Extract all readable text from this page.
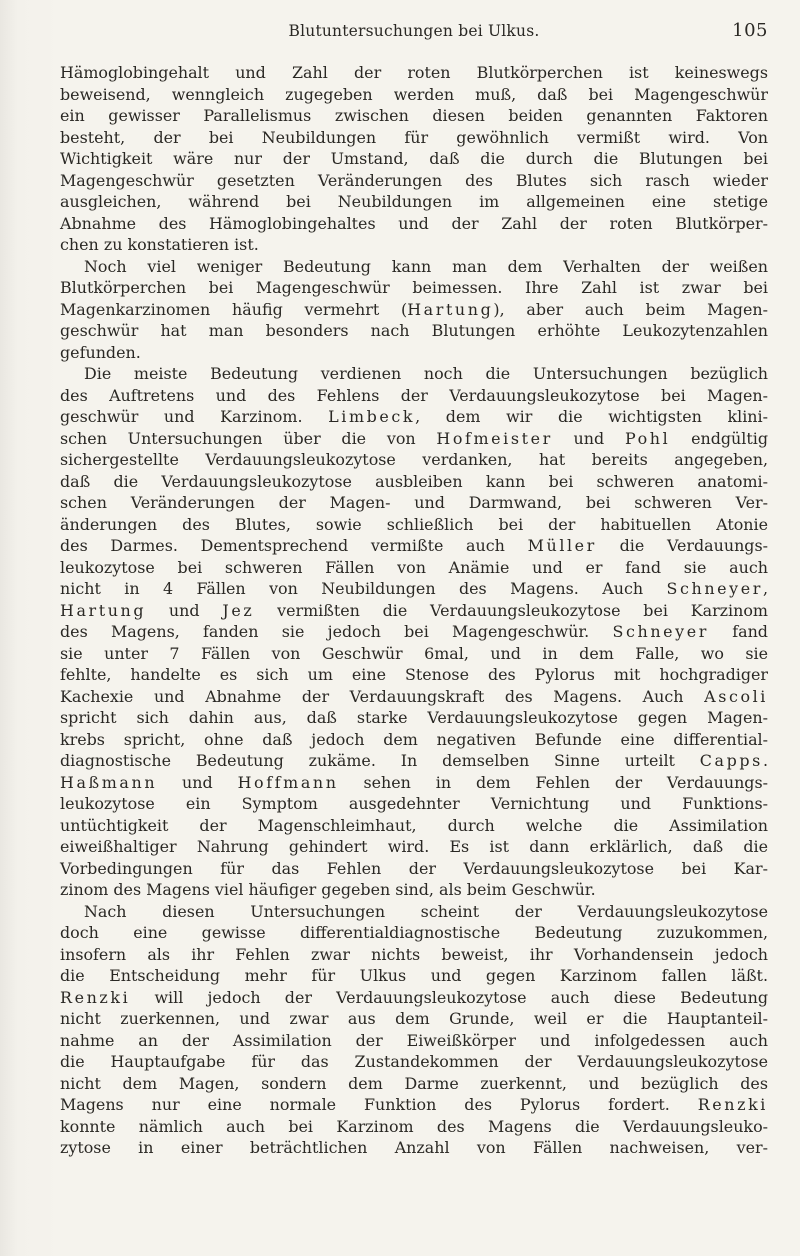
Blutuntersuchungen bei Ulkus.	105
Hämoglobingehalt und Zahl der roten Blutkörperchen ist keineswegs
beweisend, wenngleich zugegeben werden muß, daß bei Magengeschwür
ein gewisser Parallelismus zwischen diesen beiden genannten Faktoren
besteht, der bei Neubildungen für gewöhnlich vermißt wird. Von
Wichtigkeit wäre nur der Umstand, daß die durch die Blutungen bei
Magengeschwür gesetzten Veränderungen des Blutes sich rasch wieder
ausgleichen, während bei Neubildungen im allgemeinen eine stetige
Abnahme des Hämoglobingehaltes und der Zahl der roten Blutkörper-
chen zu konstatieren ist.
Noch viel weniger Bedeutung kann man dem Verhalten der weißen
Blutkörperchen bei Magengeschwür beimessen. Ihre Zahl ist zwar bei
Magenkarzinomen häufig vermehrt (Hartung), aber auch beim Magen-
geschwür hat man besonders nach Blutungen erhöhte Leukozytenzahlen
gefunden.
Die meiste Bedeutung verdienen noch die Untersuchungen bezüglich
des Auftretens und des Fehlens der Verdauungsleukozytose bei Magen-
geschwür und Karzinom. Limbeck, dem wir die wichtigsten klini-
schen Untersuchungen über die von Hofmeister und Pohl endgültig
sichergestellte Verdauungsleukozytose verdanken, hat bereits angegeben,
daß die Verdauungsleukozytose ausbleiben kann bei schweren anatomi-
schen Veränderungen der Magen- und Darmwand, bei schweren Ver-
änderungen des Blutes, sowie schließlich bei der habituellen Atonie
des Darmes. Dementsprechend vermißte auch Müller die Verdauungs-
leukozytose bei schweren Fällen von Anämie und er fand sie auch
nicht in 4 Fällen von Neubildungen des Magens. Auch Schneyer,
Hartung und Jez vermißten die Verdauungsleukozytose bei Karzinom
des Magens, fanden sie jedoch bei Magengeschwür. Schneyer fand
sie unter 7 Fällen von Geschwür 6mal, und in dem Falle, wo sie
fehlte, handelte es sich um eine Stenose des Pylorus mit hochgradiger
Kachexie und Abnahme der Verdauungskraft des Magens. Auch Ascoli
spricht sich dahin aus, daß starke Verdauungsleukozytose gegen Magen-
krebs spricht, ohne daß jedoch dem negativen Befunde eine differential-
diagnostische Bedeutung zukäme. In demselben Sinne urteilt Capps.
Haßmann und Hoffmann sehen in dem Fehlen der Verdauungs-
leukozytose ein Symptom ausgedehnter Vernichtung und Funktions-
untüchtigkeit der Magenschleimhaut, durch welche die Assimilation
eiweißhaltiger Nahrung gehindert wird. Es ist dann erklärlich, daß die
Vorbedingungen für das Fehlen der Verdauungsleukozytose bei Kar-
zinom des Magens viel häufiger gegeben sind, als beim Geschwür.
Nach diesen Untersuchungen scheint der Verdauungsleukozytose
doch eine gewisse differentialdiagnostische Bedeutung zuzukommen,
insofern als ihr Fehlen zwar nichts beweist, ihr Vorhandensein jedoch
die Entscheidung mehr für Ulkus und gegen Karzinom fallen läßt.
Renzki will jedoch der Verdauungsleukozytose auch diese Bedeutung
nicht zuerkennen, und zwar aus dem Grunde, weil er die Hauptanteil-
nahme an der Assimilation der Eiweißkörper und infolgedessen auch
die Hauptaufgabe für das Zustandekommen der Verdauungsleukozytose
nicht dem Magen, sondern dem Darme zuerkennt, und bezüglich des
Magens nur eine normale Funktion des Pylorus fordert. Renzki
konnte nämlich auch bei Karzinom des Magens die Verdauungsleuko-
zytose in einer beträchtlichen Anzahl von Fällen nachweisen, ver-
